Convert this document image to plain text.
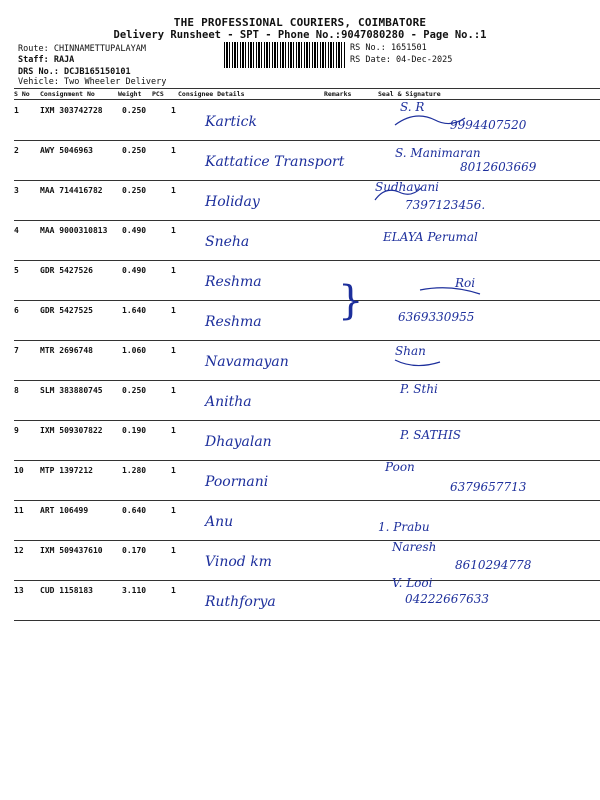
THE PROFESSIONAL COURIERS, COIMBATORE
Delivery Runsheet - SPT - Phone No.:9047080280 - Page No.:1
Route: CHINNAMETTUPALAYAM
Staff: RAJA
DRS No.: DCJB165150101
Vehicle: Two Wheeler Delivery
RS No.: 1651501
RS Date: 04-Dec-2025
S No Consignment No	Weight PCS Consignee Details	Remarks	Seal & Signature
1	IXM 303742728 0.250	1
Kartick
S. R
9994407520
2	AWY 5046963	0.250	1
Kattatice Transport
S. Manimaran
8012603669
3	MAA 714416782 0.250	1
Holiday
Sudhavani
7397123456.
4	MAA 9000310813 0.490	1
Sneha	ELAYA Perumal
5	GDR 5427526	0.490	1
Reshma	Roi
6	GDR 5427525	1.640	1
Reshma	6369330955
7	MTR 2696748	1.060	1
Navamayan
Shan
8	SLM 383880745 0.250	1
Anitha
P. Sthi
9	IXM 509307822 0.190	1
Dhayalan	P. SATHIS
10 MTP 1397212	1.280	1
Poornani
Poon
6379657713
11 ART 106499	0.640	1
Anu	1. Prabu
12 IXM 509437610 0.170	1
Vinod km
Naresh
8610294778
13 CUD 1158183	3.110	1
Ruthforya
V. Looi
04222667633
}
